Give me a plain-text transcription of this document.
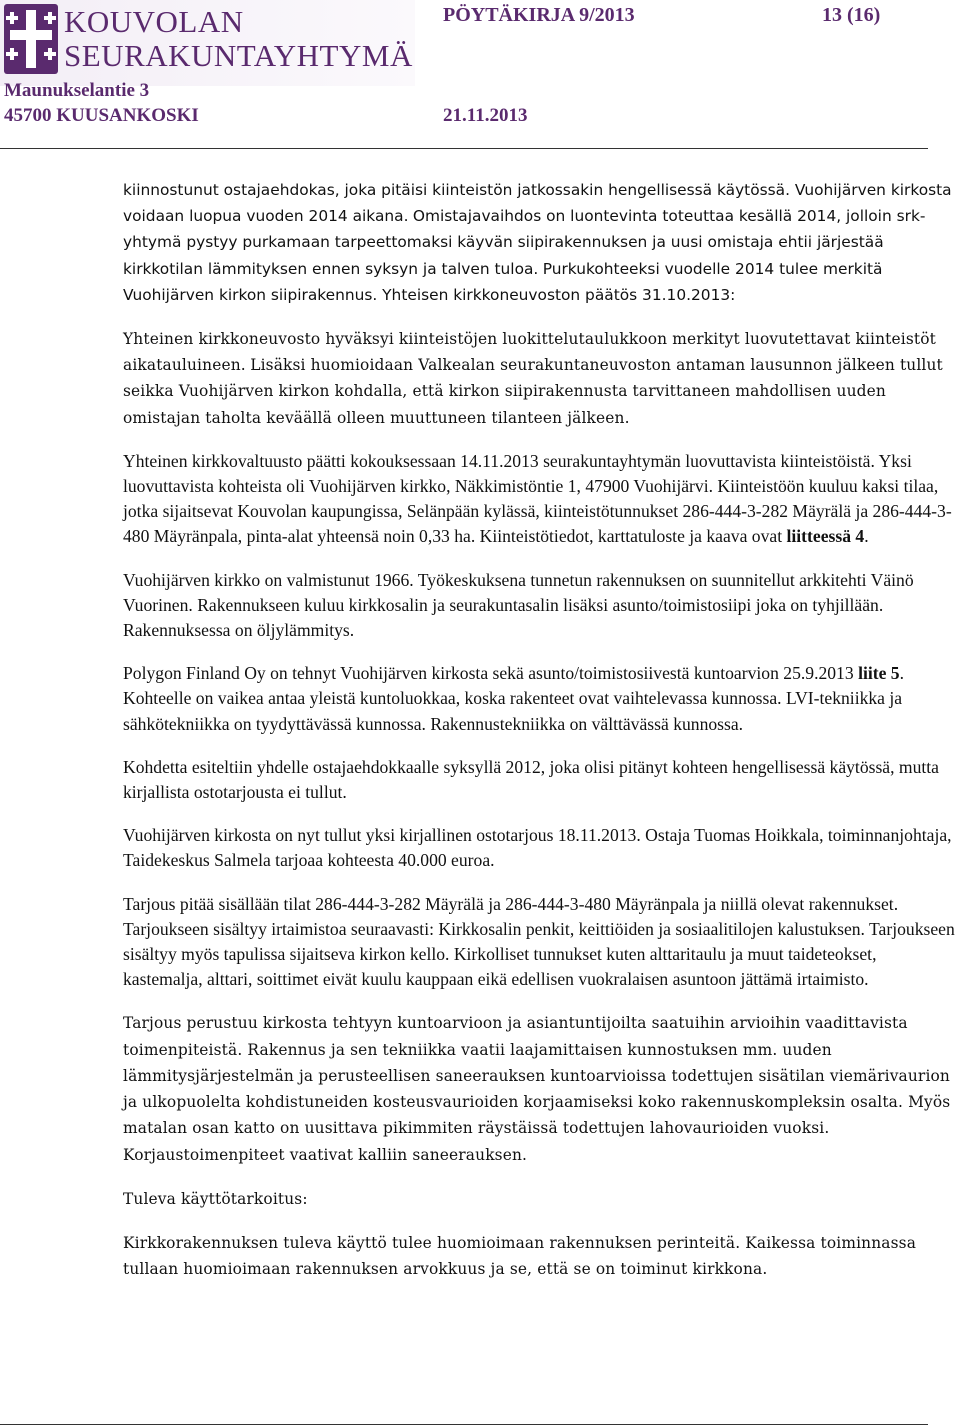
KOUVOLAN
SEURAKUNTAYHTYMÄ
Maunukselantie 3
45700 KUUSANKOSKI
PÖYTÄKIRJA 9/2013	13 (16)
21.11.2013

kiinnostunut ostajaehdokas, joka pitäisi kiinteistön jatkossakin hengellisessä käytössä. Vuohijärven kirkosta voidaan luopua vuoden 2014 aikana. Omistajavaihdos on luontevinta toteuttaa kesällä 2014, jolloin srk-yhtymä pystyy purkamaan tarpeettomaksi käyvän siipirakennuksen ja uusi omistaja ehtii järjestää kirkkotilan lämmityksen ennen syksyn ja talven tuloa. Purkukohteeksi vuodelle 2014 tulee merkitä Vuohijärven kirkon siipirakennus. Yhteisen kirkkoneuvoston päätös 31.10.2013:

Yhteinen kirkkoneuvosto hyväksyi kiinteistöjen luokittelutaulukkoon merkityt luovutettavat kiinteistöt aikatauluineen. Lisäksi huomioidaan Valkealan seurakuntaneuvoston antaman lausunnon jälkeen tullut seikka Vuohijärven kirkon kohdalla, että kirkon siipirakennusta tarvittaneen mahdollisen uuden omistajan taholta keväällä olleen muuttuneen tilanteen jälkeen.

Yhteinen kirkkovaltuusto päätti kokouksessaan 14.11.2013 seurakuntayhtymän luovuttavista kiinteistöistä. Yksi luovuttavista kohteista oli Vuohijärven kirkko, Näkkimistöntie 1, 47900 Vuohijärvi. Kiinteistöön kuuluu kaksi tilaa, jotka sijaitsevat Kouvolan kaupungissa, Selänpään kylässä, kiinteistötunnukset 286-444-3-282 Mäyrälä ja 286-444-3-480 Mäyränpala, pinta-alat yhteensä noin 0,33 ha. Kiinteistötiedot, karttatuloste ja kaava ovat liitteessä 4.

Vuohijärven kirkko on valmistunut 1966. Työkeskuksena tunnetun rakennuksen on suunnitellut arkkitehti Väinö Vuorinen. Rakennukseen kuluu kirkkosalin ja seurakuntasalin lisäksi asunto/toimistosiipi joka on tyhjillään. Rakennuksessa on öljylämmitys.

Polygon Finland Oy on tehnyt Vuohijärven kirkosta sekä asunto/toimistosiivestä kuntoarvion 25.9.2013 liite 5. Kohteelle on vaikea antaa yleistä kuntoluokkaa, koska rakenteet ovat vaihtelevassa kunnossa. LVI-tekniikka ja sähkötekniikka on tyydyttävässä kunnossa. Rakennustekniikka on välttävässä kunnossa.

Kohdetta esiteltiin yhdelle ostajaehdokkaalle syksyllä 2012, joka olisi pitänyt kohteen hengellisessä käytössä, mutta kirjallista ostotarjousta ei tullut.

Vuohijärven kirkosta on nyt tullut yksi kirjallinen ostotarjous 18.11.2013. Ostaja Tuomas Hoikkala, toiminnanjohtaja, Taidekeskus Salmela tarjoaa kohteesta 40.000 euroa.

Tarjous pitää sisällään tilat 286-444-3-282 Mäyrälä ja 286-444-3-480 Mäyränpala ja niillä olevat rakennukset. Tarjoukseen sisältyy irtaimistoa seuraavasti: Kirkkosalin penkit, keittiöiden ja sosiaalitilojen kalustuksen. Tarjoukseen sisältyy myös tapulissa sijaitseva kirkon kello. Kirkolliset tunnukset kuten alttaritaulu ja muut taideteokset, kastemalja, alttari, soittimet eivät kuulu kauppaan eikä edellisen vuokralaisen asuntoon jättämä irtaimisto.

Tarjous perustuu kirkosta tehtyyn kuntoarvioon ja asiantuntijoilta saatuihin arvioihin vaadittavista toimenpiteistä. Rakennus ja sen tekniikka vaatii laajamittaisen kunnostuksen mm. uuden lämmitysjärjestelmän ja perusteellisen saneerauksen kuntoarvioissa todettujen sisätilan viemärivaurion ja ulkopuolelta kohdistuneiden kosteusvaurioiden korjaamiseksi koko rakennuskompleksin osalta. Myös matalan osan katto on uusittava pikimmiten räystäissä todettujen lahovaurioiden vuoksi. Korjaustoimenpiteet vaativat kalliin saneerauksen.

Tuleva käyttötarkoitus:

Kirkkorakennuksen tuleva käyttö tulee huomioimaan rakennuksen perinteitä. Kaikessa toiminnassa tullaan huomioimaan rakennuksen arvokkuus ja se, että se on toiminut kirkkona.
